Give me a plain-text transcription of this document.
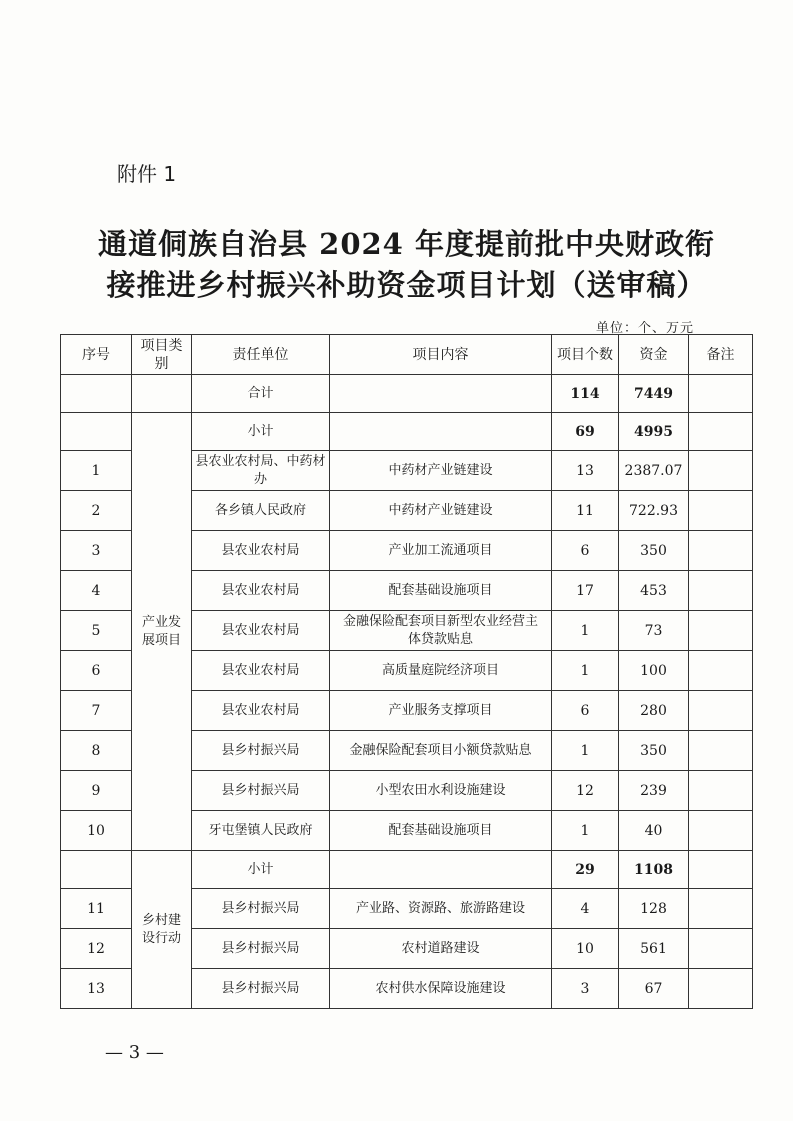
附件 1
通道侗族自治县 2024 年度提前批中央财政衔
接推进乡村振兴补助资金项目计划（送审稿）
单位：个、万元
序号	项目类别	责任单位	项目内容	项目个数	资金	备注
		合计		114	7449	
	产业发展项目	小计		69	4995	
1		县农业农村局、中药材办	中药材产业链建设	13	2387.07	
2		各乡镇人民政府	中药材产业链建设	11	722.93	
3		县农业农村局	产业加工流通项目	6	350	
4		县农业农村局	配套基础设施项目	17	453	
5		县农业农村局	金融保险配套项目新型农业经营主体贷款贴息	1	73	
6		县农业农村局	高质量庭院经济项目	1	100	
7		县农业农村局	产业服务支撑项目	6	280	
8		县乡村振兴局	金融保险配套项目小额贷款贴息	1	350	
9		县乡村振兴局	小型农田水利设施建设	12	239	
10		牙屯堡镇人民政府	配套基础设施项目	1	40	
	乡村建设行动	小计		29	1108	
11		县乡村振兴局	产业路、资源路、旅游路建设	4	128	
12		县乡村振兴局	农村道路建设	10	561	
13		县乡村振兴局	农村供水保障设施建设	3	67	
— 3 —
